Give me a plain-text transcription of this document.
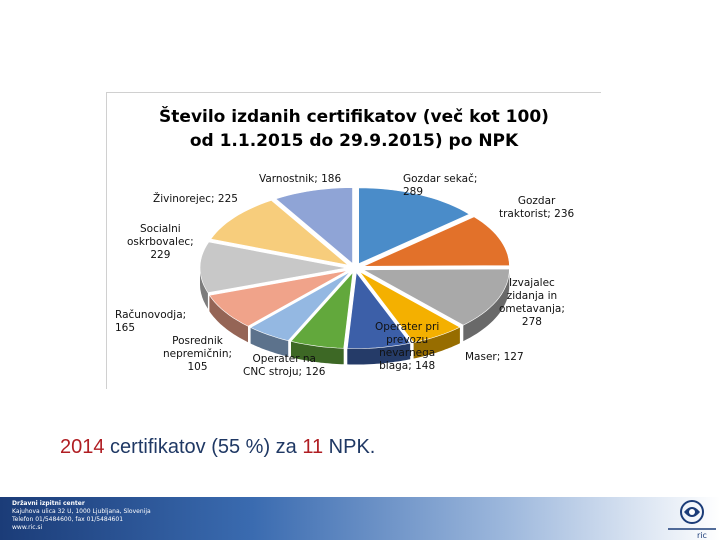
Število izdanih certifikatov (več kot 100)
od 1.1.2015 do 29.9.2015) po NPK
Gozdar sekač;
289
Gozdar
traktorist; 236
Izvajalec
zidanja in
ometavanja;
278
Maser; 127
Operater pri
prevozu
nevarnega
blaga; 148
Operater na
CNC stroju; 126
Posrednik
nepremičnin;
105
Računovodja;
165
Socialni
oskrbovalec;
229
Živinorejec; 225
Varnostnik; 186
2014 certifikatov (55 %) za 11 NPK.
Državni izpitni center
Kajuhova ulica 32 U, 1000 Ljubljana, Slovenija
Telefon 01/5484600, fax 01/5484601
www.ric.si
ric
